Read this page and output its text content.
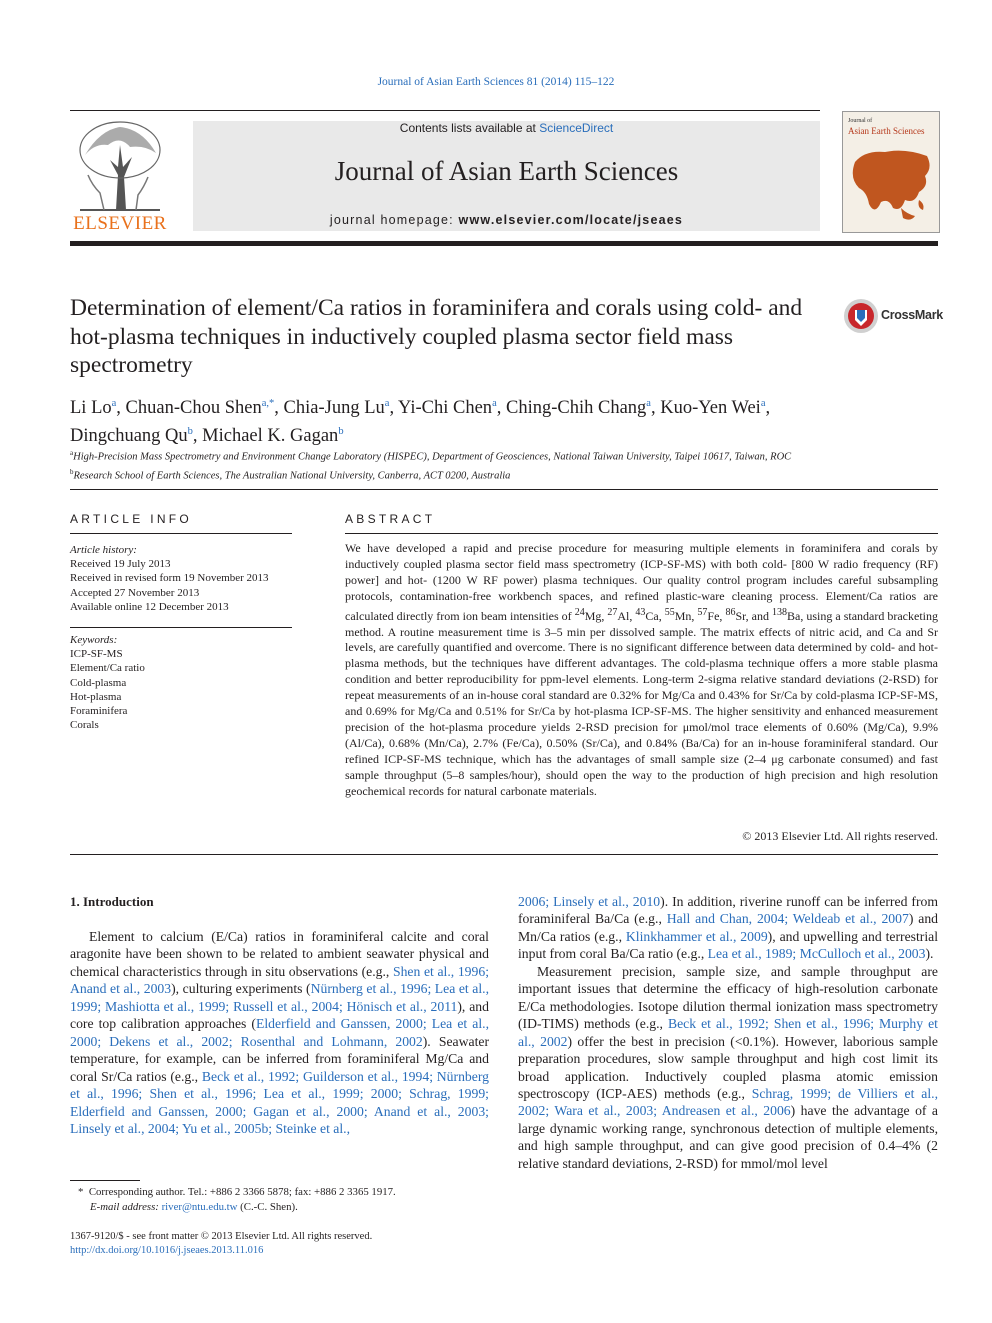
Journal of Asian Earth Sciences 81 (2014) 115–122
ELSEVIER
Contents lists available at ScienceDirect
Journal of Asian Earth Sciences
journal homepage: www.elsevier.com/locate/jseaes
Journal of
Asian Earth Sciences
Determination of element/Ca ratios in foraminifera and corals using cold- and hot-plasma techniques in inductively coupled plasma sector field mass spectrometry
CrossMark
Li Lo$^a$, Chuan-Chou Shen$^{a,*}$, Chia-Jung Lu$^a$, Yi-Chi Chen$^a$, Ching-Chih Chang$^a$, Kuo-Yen Wei$^a$,
Dingchuang Qu$^b$, Michael K. Gagan$^b$
$^a$High-Precision Mass Spectrometry and Environment Change Laboratory (HISPEC), Department of Geosciences, National Taiwan University, Taipei 10617, Taiwan, ROC
$^b$Research School of Earth Sciences, The Australian National University, Canberra, ACT 0200, Australia
ARTICLE INFO
Article history:
Received 19 July 2013
Received in revised form 19 November 2013
Accepted 27 November 2013
Available online 12 December 2013
Keywords:
ICP-SF-MS
Element/Ca ratio
Cold-plasma
Hot-plasma
Foraminifera
Corals
ABSTRACT
We have developed a rapid and precise procedure for measuring multiple elements in foraminifera and corals by inductively coupled plasma sector field mass spectrometry (ICP-SF-MS) with both cold- [800 W radio frequency (RF) power] and hot- (1200 W RF power) plasma techniques. Our quality control program includes careful subsampling protocols, contamination-free workbench spaces, and refined plastic-ware cleaning process. Element/Ca ratios are calculated directly from ion beam intensities of $^{24}$Mg, $^{27}$Al, $^{43}$Ca, $^{55}$Mn, $^{57}$Fe, $^{86}$Sr, and $^{138}$Ba, using a standard bracketing method. A routine measurement time is 3–5 min per dissolved sample. The matrix effects of nitric acid, and Ca and Sr levels, are carefully quantified and overcome. There is no significant difference between data determined by cold- and hot-plasma methods, but the techniques have different advantages. The cold-plasma technique offers a more stable plasma condition and better reproducibility for ppm-level elements. Long-term 2-sigma relative standard deviations (2-RSD) for repeat measurements of an in-house coral standard are 0.32% for Mg/Ca and 0.43% for Sr/Ca by cold-plasma ICP-SF-MS, and 0.69% for Mg/Ca and 0.51% for Sr/Ca by hot-plasma ICP-SF-MS. The higher sensitivity and enhanced measurement precision of the hot-plasma procedure yields 2-RSD precision for μmol/mol trace elements of 0.60% (Mg/Ca), 9.9% (Al/Ca), 0.68% (Mn/Ca), 2.7% (Fe/Ca), 0.50% (Sr/Ca), and 0.84% (Ba/Ca) for an in-house foraminiferal standard. Our refined ICP-SF-MS technique, which has the advantages of small sample size (2–4 μg carbonate consumed) and fast sample throughput (5–8 samples/hour), should open the way to the production of high precision and high resolution geochemical records for natural carbonate materials.
© 2013 Elsevier Ltd. All rights reserved.
1. Introduction

Element to calcium (E/Ca) ratios in foraminiferal calcite and coral aragonite have been shown to be related to ambient seawater physical and chemical characteristics through in situ observations (e.g., Shen et al., 1996; Anand et al., 2003), culturing experiments (Nürnberg et al., 1996; Lea et al., 1999; Mashiotta et al., 1999; Russell et al., 2004; Hönisch et al., 2011), and core top calibration approaches (Elderfield and Ganssen, 2000; Lea et al., 2000; Dekens et al., 2002; Rosenthal and Lohmann, 2002). Seawater temperature, for example, can be inferred from foraminiferal Mg/Ca and coral Sr/Ca ratios (e.g., Beck et al., 1992; Guilderson et al., 1994; Nürnberg et al., 1996; Shen et al., 1996; Lea et al., 1999; 2000; Schrag, 1999; Elderfield and Ganssen, 2000; Gagan et al., 2000; Anand et al., 2003; Linsely et al., 2004; Yu et al., 2005b; Steinke et al.,

2006; Linsely et al., 2010). In addition, riverine runoff can be inferred from foraminiferal Ba/Ca (e.g., Hall and Chan, 2004; Weldeab et al., 2007) and Mn/Ca ratios (e.g., Klinkhammer et al., 2009), and upwelling and terrestrial input from coral Ba/Ca ratio (e.g., Lea et al., 1989; McCulloch et al., 2003).

Measurement precision, sample size, and sample throughput are important issues that determine the efficacy of high-resolution carbonate E/Ca methodologies. Isotope dilution thermal ionization mass spectrometry (ID-TIMS) methods (e.g., Beck et al., 1992; Shen et al., 1996; Murphy et al., 2002) offer the best in precision (<0.1%). However, laborious sample preparation procedures, slow sample throughput and high cost limit its broad application. Inductively coupled plasma atomic emission spectroscopy (ICP-AES) methods (e.g., Schrag, 1999; de Villiers et al., 2002; Wara et al., 2003; Andreasen et al., 2006) have the advantage of a large dynamic working range, synchronous detection of multiple elements, and high sample throughput, and can give good precision of 0.4–4% (2 relative standard deviations, 2-RSD) for mmol/mol level

* Corresponding author. Tel.: +886 2 3366 5878; fax: +886 2 3365 1917.
E-mail address: river@ntu.edu.tw (C.-C. Shen).
1367-9120/$ - see front matter © 2013 Elsevier Ltd. All rights reserved.
http://dx.doi.org/10.1016/j.jseaes.2013.11.016
